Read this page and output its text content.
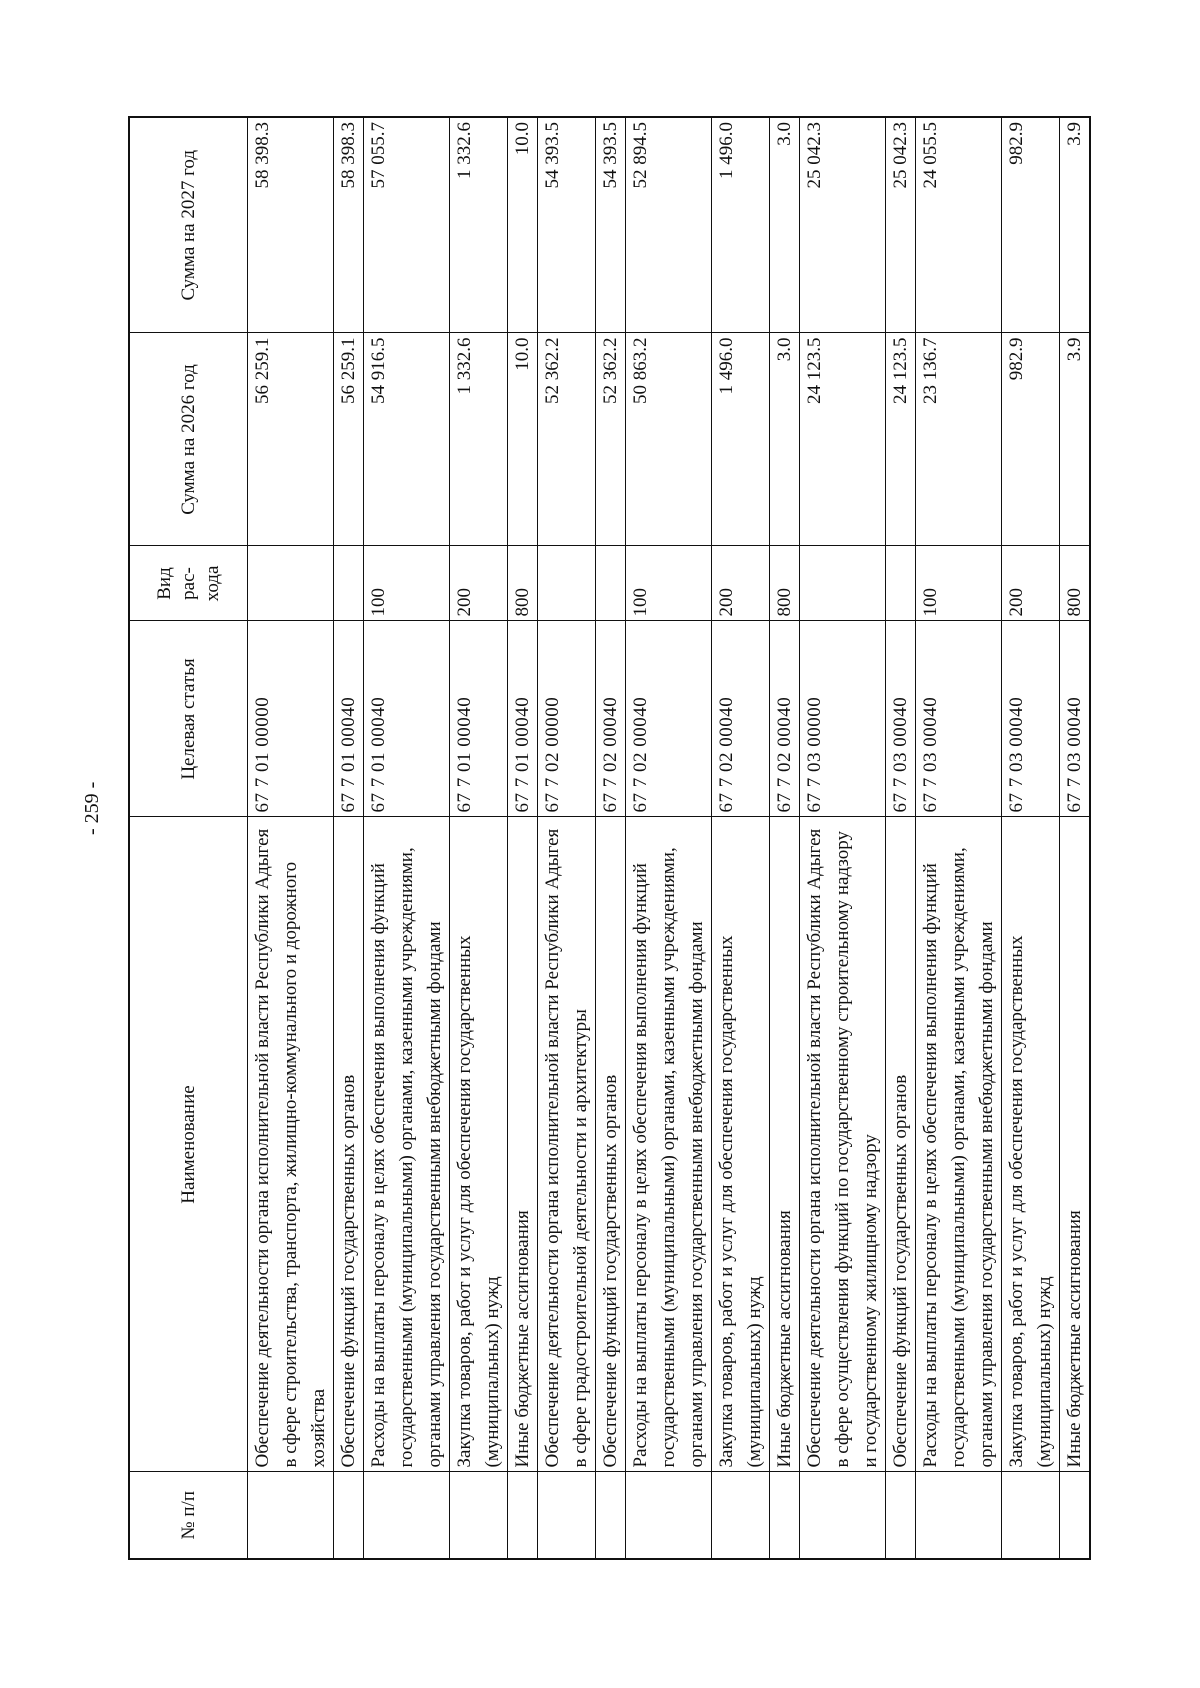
- 259 -
№ п/п	Наименование	Целевая статья	Вид рас-хода	Сумма на 2026 год	Сумма на 2027 год
	Обеспечение деятельности органа исполнительной власти Республики Адыгея в сфере строительства, транспорта, жилищно-коммунального и дорожного хозяйства	67 7 01 00000		56 259.1	58 398.3
	Обеспечение функций государственных органов	67 7 01 00040		56 259.1	58 398.3
	Расходы на выплаты персоналу в целях обеспечения выполнения функций государственными (муниципальными) органами, казенными учреждениями, органами управления государственными внебюджетными фондами	67 7 01 00040	100	54 916.5	57 055.7
	Закупка товаров, работ и услуг для обеспечения государственных (муниципальных) нужд	67 7 01 00040	200	1 332.6	1 332.6
	Иные бюджетные ассигнования	67 7 01 00040	800	10.0	10.0
	Обеспечение деятельности органа исполнительной власти Республики Адыгея в сфере градостроительной деятельности и архитектуры	67 7 02 00000		52 362.2	54 393.5
	Обеспечение функций государственных органов	67 7 02 00040		52 362.2	54 393.5
	Расходы на выплаты персоналу в целях обеспечения выполнения функций государственными (муниципальными) органами, казенными учреждениями, органами управления государственными внебюджетными фондами	67 7 02 00040	100	50 863.2	52 894.5
	Закупка товаров, работ и услуг для обеспечения государственных (муниципальных) нужд	67 7 02 00040	200	1 496.0	1 496.0
	Иные бюджетные ассигнования	67 7 02 00040	800	3.0	3.0
	Обеспечение деятельности органа исполнительной власти Республики Адыгея в сфере осуществления функций по государственному строительному надзору и государственному жилищному надзору	67 7 03 00000		24 123.5	25 042.3
	Обеспечение функций государственных органов	67 7 03 00040		24 123.5	25 042.3
	Расходы на выплаты персоналу в целях обеспечения выполнения функций государственными (муниципальными) органами, казенными учреждениями, органами управления государственными внебюджетными фондами	67 7 03 00040	100	23 136.7	24 055.5
	Закупка товаров, работ и услуг для обеспечения государственных (муниципальных) нужд	67 7 03 00040	200	982.9	982.9
	Иные бюджетные ассигнования	67 7 03 00040	800	3.9	3.9
